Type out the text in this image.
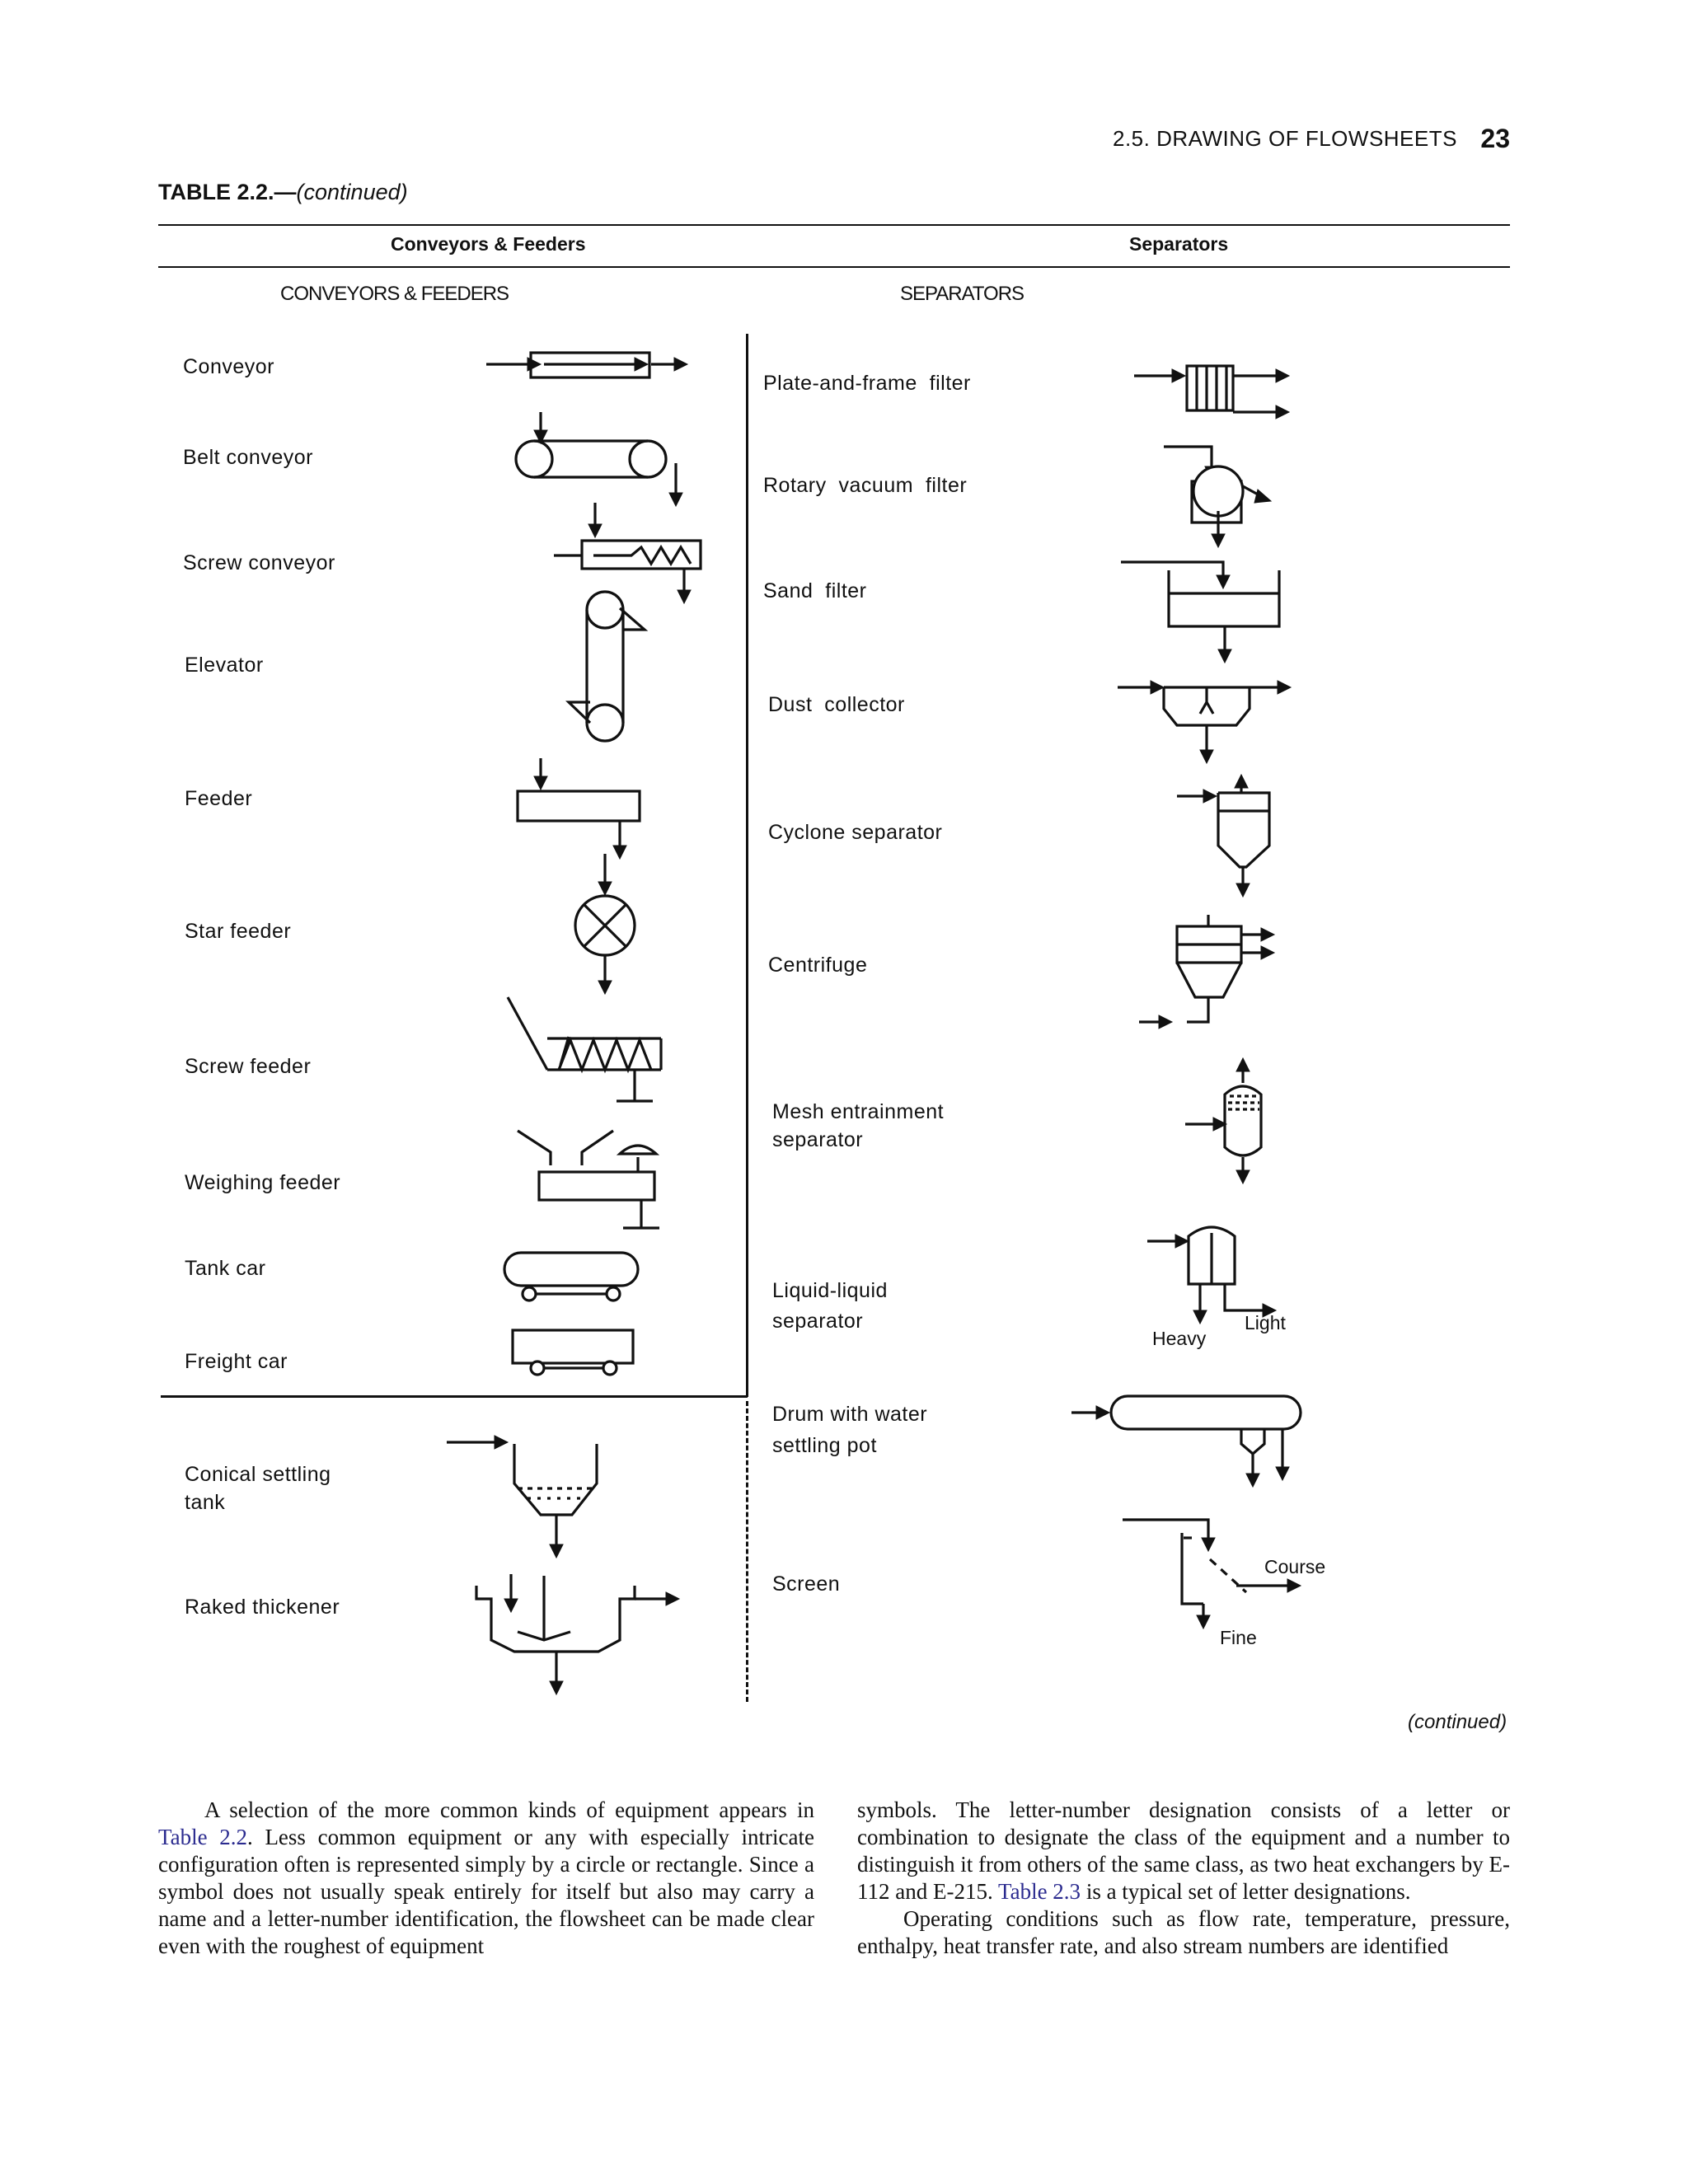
2.5. DRAWING OF FLOWSHEETS 23
TABLE 2.2.—(continued)
Conveyors & Feeders	Separators
CONVEYORS & FEEDERS	SEPARATORS
Conveyor
Belt conveyor
Screw conveyor
Elevator
Feeder
Star feeder
Screw feeder
Weighing feeder
Tank car
Freight car
Conical settling tank
Raked thickener
Plate-and-frame  filter
Rotary  vacuum  filter
Sand  filter
Dust  collector
Cyclone separator
Centrifuge
Mesh entrainment separator
Liquid-liquid separator
Drum with water settling pot
Screen
Heavy
Light
Course
Fine
(continued)

A selection of the more common kinds of equipment appears in Table 2.2. Less common equipment or any with especially intricate configuration often is represented simply by a circle or rectangle. Since a symbol does not usually speak entirely for itself but also may carry a name and a letter-number identification, the flowsheet can be made clear even with the roughest of equipment

symbols. The letter-number designation consists of a letter or combination to designate the class of the equipment and a number to distinguish it from others of the same class, as two heat exchangers by E-112 and E-215. Table 2.3 is a typical set of letter designations.

Operating conditions such as flow rate, temperature, pressure, enthalpy, heat transfer rate, and also stream numbers are identified
